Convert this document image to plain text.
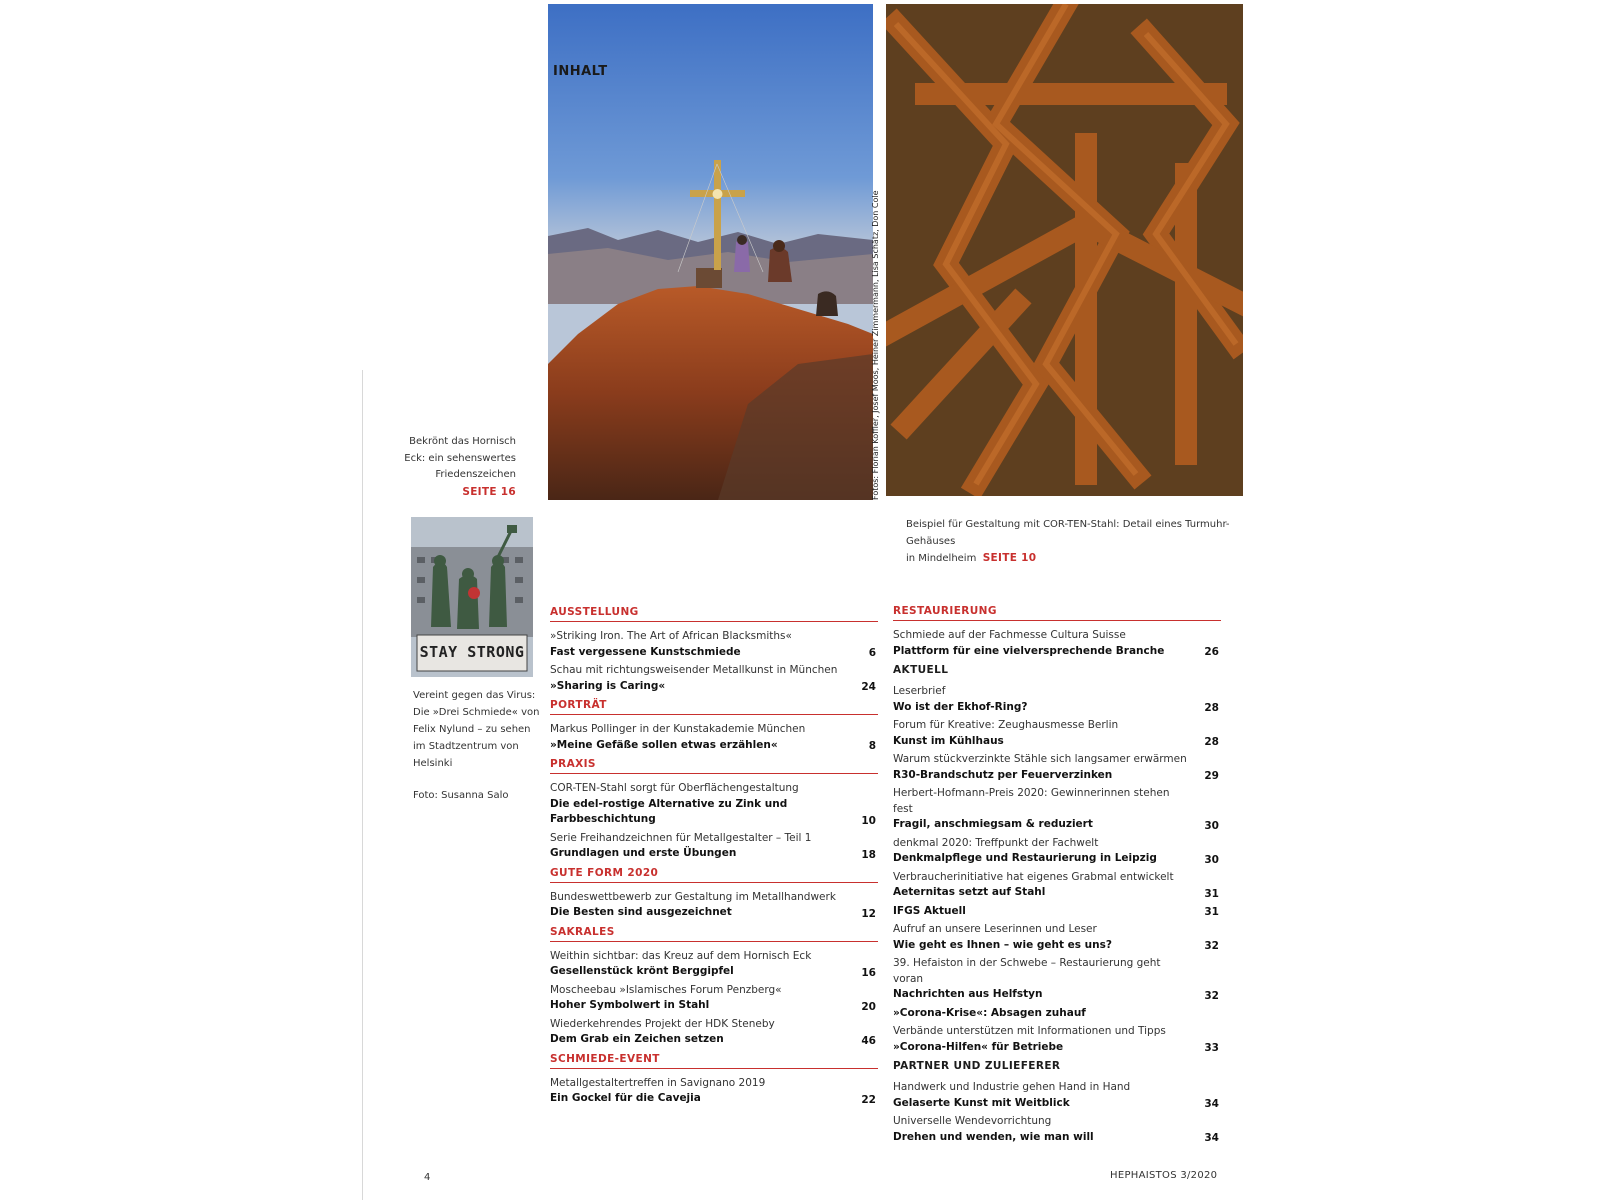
INHALT
Fotos: Florian Koffler, Josef Moos, Heiner Zimmermann, Lisa Schätz, Don Cole
Bekrönt das Hornisch
Eck: ein sehenswertes
Friedenszeichen
SEITE 16
Beispiel für Gestaltung mit COR-TEN-Stahl: Detail eines Turmuhr-Gehäuses
in Mindelheim SEITE 10
STAY STRONG
Vereint gegen das Virus:
Die »Drei Schmiede« von
Felix Nylund – zu sehen
im Stadtzentrum von
Helsinki
Foto: Susanna Salo
AUSSTELLUNG
»Striking Iron. The Art of African Blacksmiths«
Fast vergessene Kunstschmiede	6
Schau mit richtungsweisender Metallkunst in München
»Sharing is Caring«	24
PORTRÄT
Markus Pollinger in der Kunstakademie München
»Meine Gefäße sollen etwas erzählen«	8
PRAXIS
COR-TEN-Stahl sorgt für Oberflächengestaltung
Die edel-rostige Alternative zu Zink und Farbbeschichtung	10
Serie Freihandzeichnen für Metallgestalter – Teil 1
Grundlagen und erste Übungen	18
GUTE FORM 2020
Bundeswettbewerb zur Gestaltung im Metallhandwerk
Die Besten sind ausgezeichnet	12
SAKRALES
Weithin sichtbar: das Kreuz auf dem Hornisch Eck
Gesellenstück krönt Berggipfel	16
Moscheebau »Islamisches Forum Penzberg«
Hoher Symbolwert in Stahl	20
Wiederkehrendes Projekt der HDK Steneby
Dem Grab ein Zeichen setzen	46
SCHMIEDE-EVENT
Metallgestaltertreffen in Savignano 2019
Ein Gockel für die Cavejia	22
RESTAURIERUNG
Schmiede auf der Fachmesse Cultura Suisse
Plattform für eine vielversprechende Branche	26
AKTUELL
Leserbrief
Wo ist der Ekhof-Ring?	28
Forum für Kreative: Zeughausmesse Berlin
Kunst im Kühlhaus	28
Warum stückverzinkte Stähle sich langsamer erwärmen
R30-Brandschutz per Feuerverzinken	29
Herbert-Hofmann-Preis 2020: Gewinnerinnen stehen fest
Fragil, anschmiegsam & reduziert	30
denkmal 2020: Treffpunkt der Fachwelt
Denkmalpflege und Restaurierung in Leipzig	30
Verbraucherinitiative hat eigenes Grabmal entwickelt
Aeternitas setzt auf Stahl	31
IFGS Aktuell	31
Aufruf an unsere Leserinnen und Leser
Wie geht es Ihnen – wie geht es uns?	32
39. Hefaiston in der Schwebe – Restaurierung geht voran
Nachrichten aus Helfstyn	32
»Corona-Krise«: Absagen zuhauf
Verbände unterstützen mit Informationen und Tipps
»Corona-Hilfen« für Betriebe	33
PARTNER UND ZULIEFERER
Handwerk und Industrie gehen Hand in Hand
Gelaserte Kunst mit Weitblick	34
Universelle Wendevorrichtung
Drehen und wenden, wie man will	34
4	HEPHAISTOS 3/2020
